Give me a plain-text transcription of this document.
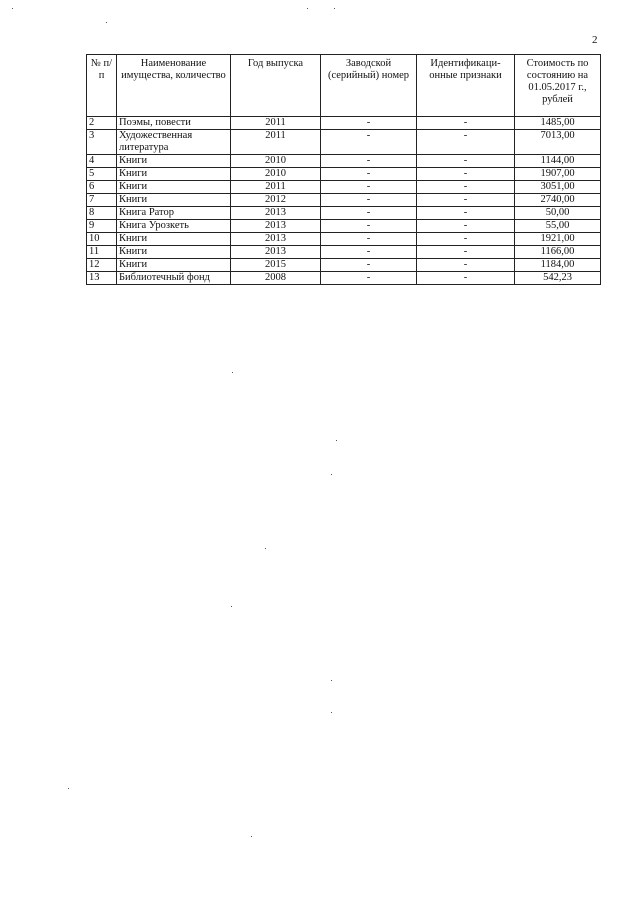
2
№ п/п	Наименование имущества, количество	Год выпуска	Заводской (серийный) номер	Идентификаци-онные признаки	Стоимость по состоянию на 01.05.2017 г., рублей
2	Поэмы, повести	2011	-	-	1485,00
3	Художественная литература	2011	-	-	7013,00
4	Книги	2010	-	-	1144,00
5	Книги	2010	-	-	1907,00
6	Книги	2011	-	-	3051,00
7	Книги	2012	-	-	2740,00
8	Книга Ратор	2013	-	-	50,00
9	Книга Урозкеть	2013	-	-	55,00
10	Книги	2013	-	-	1921,00
11	Книги	2013	-	-	1166,00
12	Книги	2015	-	-	1184,00
13	Библиотечный фонд	2008	-	-	542,23
